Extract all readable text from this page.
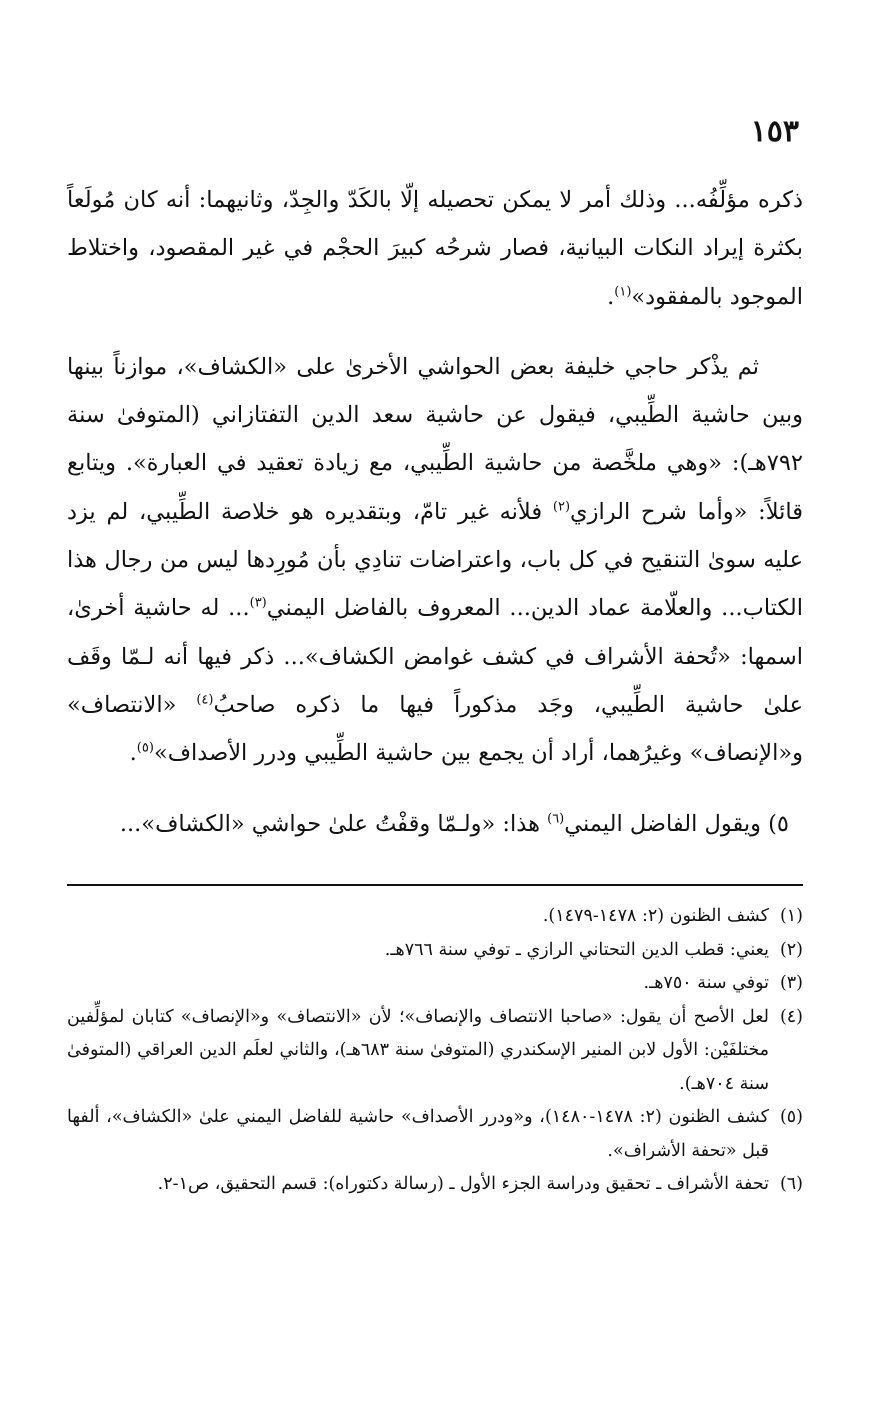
١٥٣

ذكره مؤلِّفُه... وذلك أمر لا يمكن تحصيله إلّا بالكَدّ والجِدّ، وثانيهما: أنه كان مُولَعاً بكثرة إيراد النكات البيانية، فصار شرحُه كبيرَ الحجْم في غير المقصود، واختلاط الموجود بالمفقود»$^{(١)}$.

ثم يذْكر حاجي خليفة بعض الحواشي الأخرىٰ على «الكشاف»، موازناً بينها وبين حاشية الطِّيبي، فيقول عن حاشية سعد الدين التفتازاني (المتوفىٰ سنة ٧٩٢هـ): «وهي ملخَّصة من حاشية الطِّيبي، مع زيادة تعقيد في العبارة». ويتابع قائلاً: «وأما شرح الرازي$^{(٢)}$ فلأنه غير تامّ، وبتقديره هو خلاصة الطِّيبي، لم يزد عليه سوىٰ التنقيح في كل باب، واعتراضات تنادِي بأن مُورِدها ليس من رجال هذا الكتاب... والعلّامة عماد الدين... المعروف بالفاضل اليمني$^{(٣)}$... له حاشية أخرىٰ، اسمها: «تُحفة الأشراف في كشف غوامض الكشاف»... ذكر فيها أنه لـمّا وقَف علىٰ حاشية الطِّيبي، وجَد مذكوراً فيها ما ذكره صاحبُ$^{(٤)}$ «الانتصاف» و«الإنصاف» وغيرُهما، أراد أن يجمع بين حاشية الطِّيبي ودرر الأصداف»$^{(٥)}$.

٥) ويقول الفاضل اليمني$^{(٦)}$ هذا: «ولـمّا وقفْتُ علىٰ حواشي «الكشاف»...

(١)
كشف الظنون (٢: ١٤٧٨-١٤٧٩).

(٢)
يعني: قطب الدين التحتاني الرازي ـ توفي سنة ٧٦٦هـ.

(٣)
توفي سنة ٧٥٠هـ.

(٤)
لعل الأصح أن يقول: «صاحبا الانتصاف والإنصاف»؛ لأن «الانتصاف» و«الإنصاف» كتابان لمؤلِّفين مختلفَيْن: الأول لابن المنير الإسكندري (المتوفىٰ سنة ٦٨٣هـ)، والثاني لعلَم الدين العراقي (المتوفىٰ سنة ٧٠٤هـ).

(٥)
كشف الظنون (٢: ١٤٧٨-١٤٨٠)، و«ودرر الأصداف» حاشية للفاضل اليمني علىٰ «الكشاف»، ألفها قبل «تحفة الأشراف».

(٦)
تحفة الأشراف ـ تحقيق ودراسة الجزء الأول ـ (رسالة دكتوراه): قسم التحقيق، ص١-٢.
